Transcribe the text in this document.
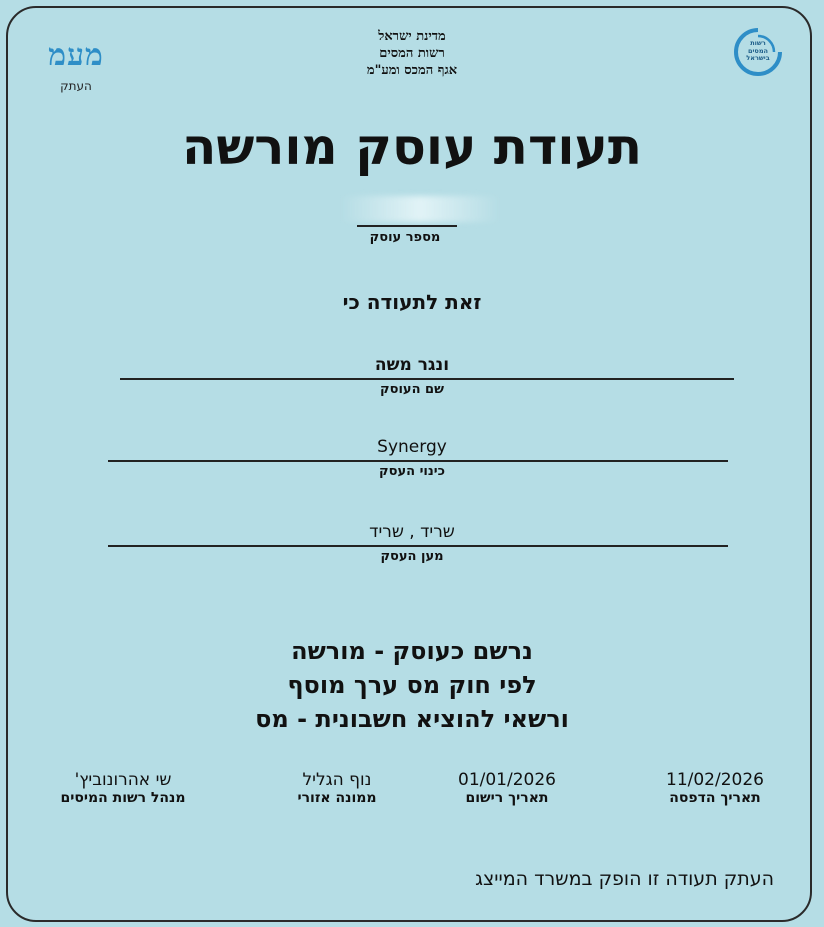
מדינת ישראל
רשות המסים
אגף המכס ומע"מ
מעמ
העתק
רשות המסים בישראל
תעודת עוסק מורשה
מספר עוסק
זאת לתעודה כי
ונגר משה
שם העוסק
Synergy
כינוי העסק
שריד , שריד
מען העסק
נרשם כעוסק - מורשה
לפי חוק מס ערך מוסף
ורשאי להוציא חשבונית - מס
11/02/2026
תאריך הדפסה
01/01/2026
תאריך רישום
נוף הגליל
ממונה אזורי
שי אהרונוביץ'
מנהל רשות המיסים
העתק תעודה זו הופק במשרד המייצג
